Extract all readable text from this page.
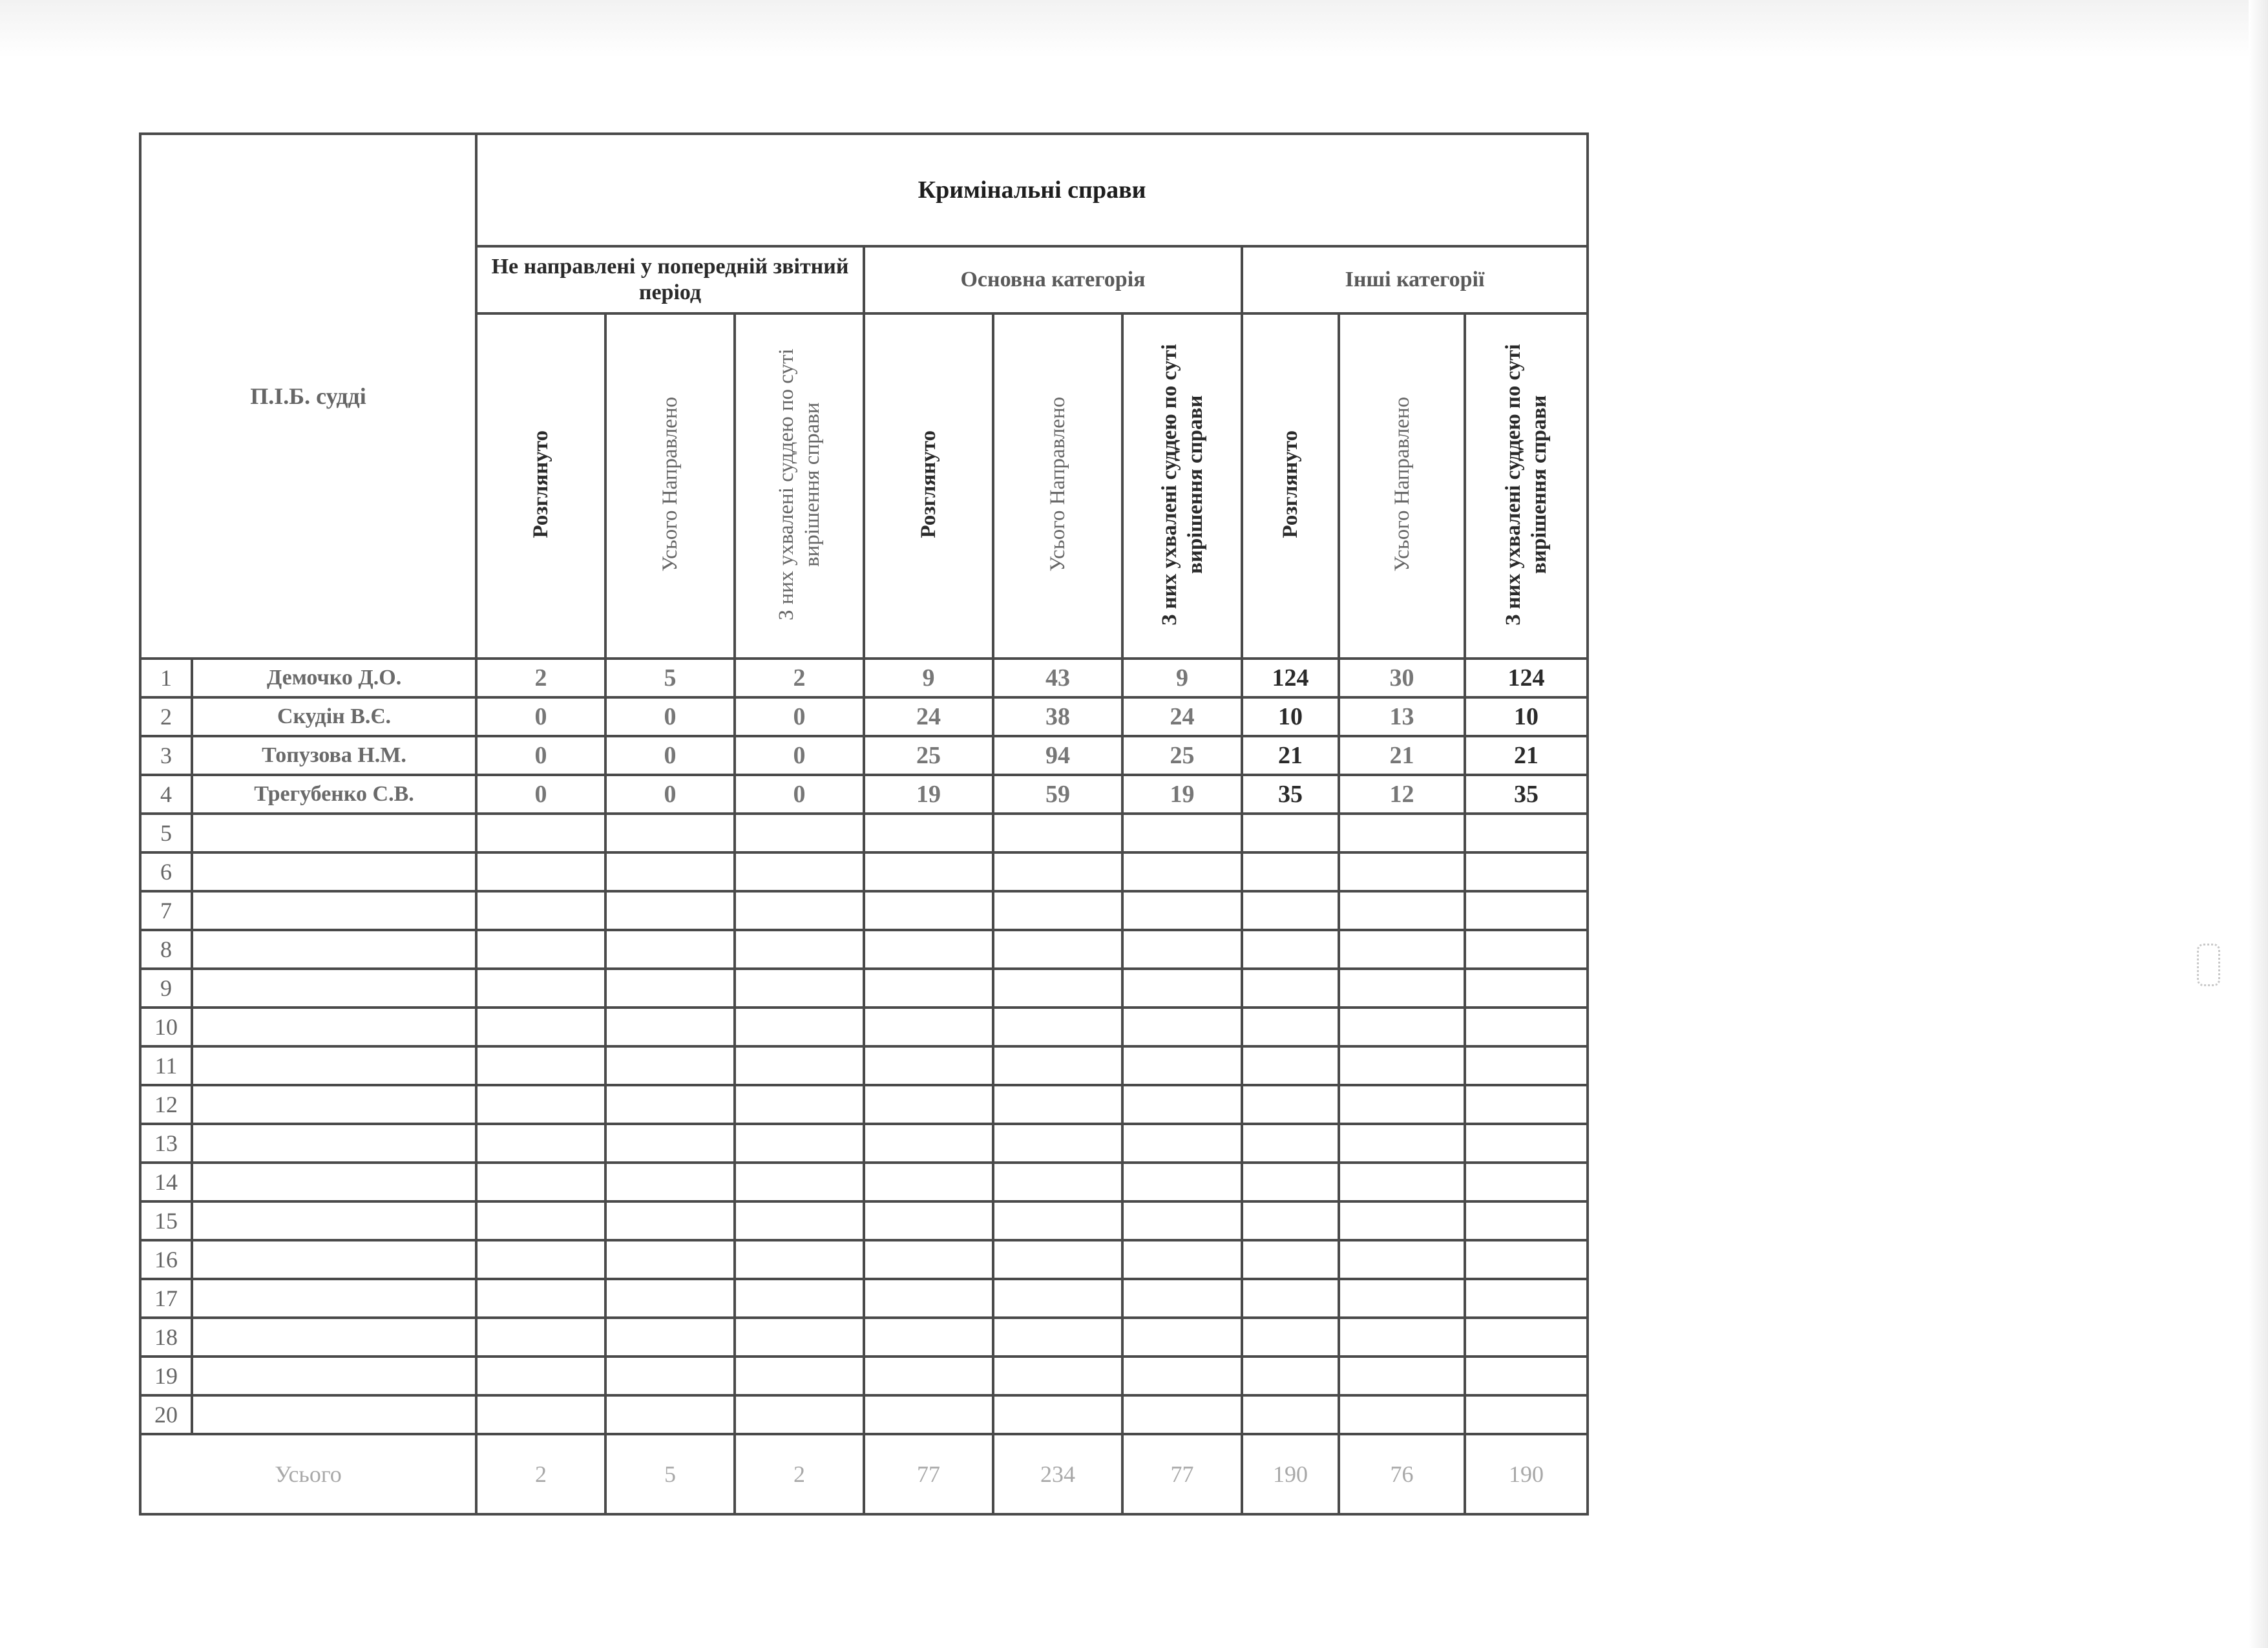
П.І.Б. судді		Кримінальні справи								
		Не направлені у попередній звітний період			Основна категорія			Інші категорії		
		Розглянуто	Усього Направлено	З них ухвалені суддею по суті вирішення справи	Розглянуто	Усього Направлено	З них ухвалені суддею по суті вирішення справи	Розглянуто	Усього Направлено	З них ухвалені суддею по суті вирішення справи
1	Демочко Д.О.	2	5	2	9	43	9	124	30	124
2	Скудін В.Є.	0	0	0	24	38	24	10	13	10
3	Топузова Н.М.	0	0	0	25	94	25	21	21	21
4	Трегубенко С.В.	0	0	0	19	59	19	35	12	35
5										
6										
7										
8										
9										
10										
11										
12										
13										
14										
15										
16										
17										
18										
19										
20										
Усього		2	5	2	77	234	77	190	76	190
